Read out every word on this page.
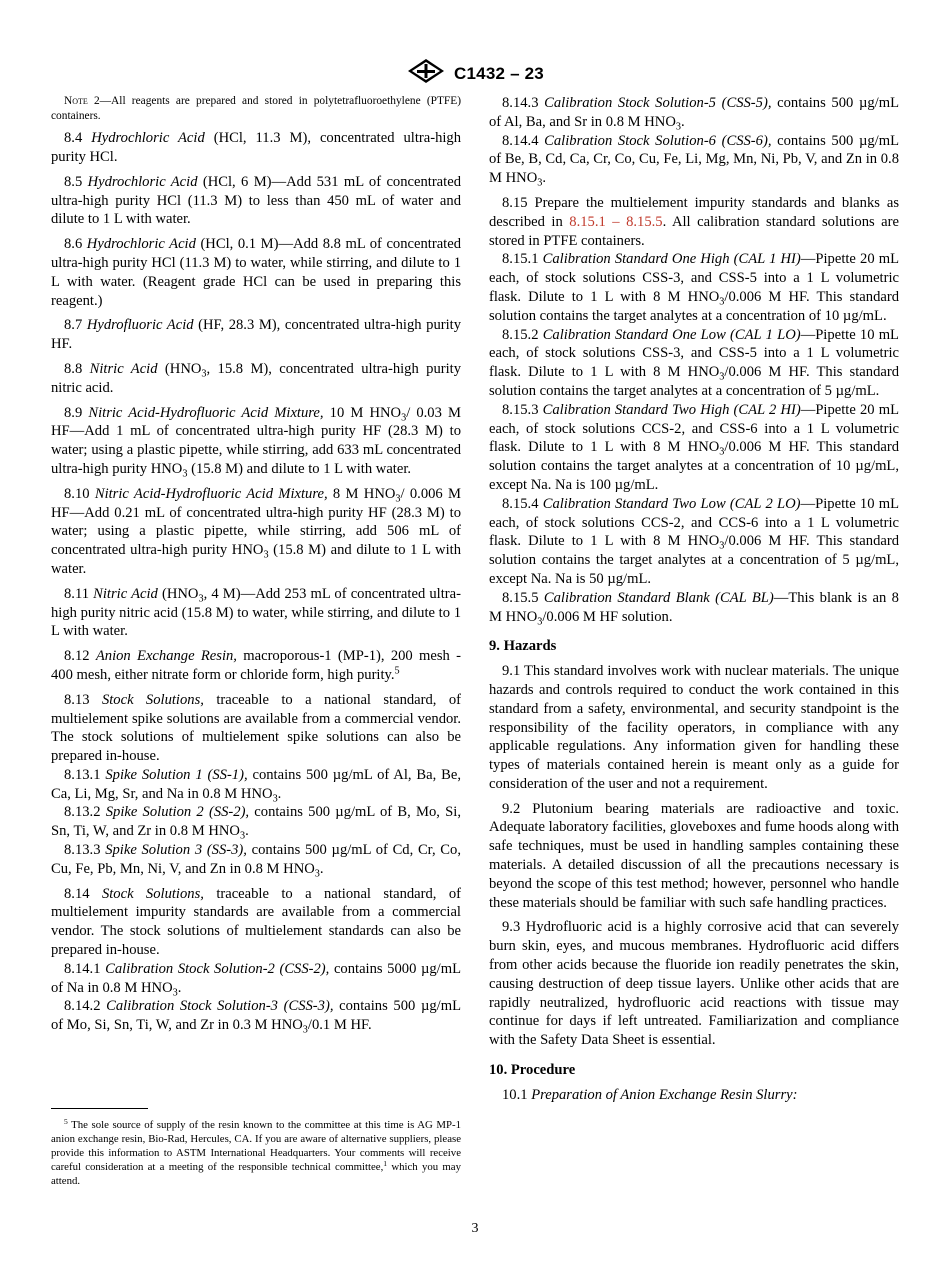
C1432 – 23

Note 2—All reagents are prepared and stored in polytetrafluoroethylene (PTFE) containers.

8.4 Hydrochloric Acid (HCl, 11.3 M), concentrated ultra-high purity HCl.

8.5 Hydrochloric Acid (HCl, 6 M)—Add 531 mL of concentrated ultra-high purity HCl (11.3 M) to less than 450 mL of water and dilute to 1 L with water.

8.6 Hydrochloric Acid (HCl, 0.1 M)—Add 8.8 mL of concentrated ultra-high purity HCl (11.3 M) to water, while stirring, and dilute to 1 L with water. (Reagent grade HCl can be used in preparing this reagent.)

8.7 Hydrofluoric Acid (HF, 28.3 M), concentrated ultra-high purity HF.

8.8 Nitric Acid ($HNO_3$, 15.8 M), concentrated ultra-high purity nitric acid.

8.9 Nitric Acid-Hydrofluoric Acid Mixture, 10 M $HNO_3/$ 0.03 M HF—Add 1 mL of concentrated ultra-high purity HF (28.3 M) to water; using a plastic pipette, while stirring, add 633 mL concentrated ultra-high purity $HNO_3$ (15.8 M) and dilute to 1 L with water.

8.10 Nitric Acid-Hydrofluoric Acid Mixture, 8 M $HNO_3/$ 0.006 M HF—Add 0.21 mL of concentrated ultra-high purity HF (28.3 M) to water; using a plastic pipette, while stirring, add 506 mL of concentrated ultra-high purity $HNO_3$ (15.8 M) and dilute to 1 L with water.

8.11 Nitric Acid ($HNO_3$, 4 M)—Add 253 mL of concentrated ultra-high purity nitric acid (15.8 M) to water, while stirring, and dilute to 1 L with water.

8.12 Anion Exchange Resin, macroporous-1 (MP-1), 200 mesh - 400 mesh, either nitrate form or chloride form, high purity.$^5$

8.13 Stock Solutions, traceable to a national standard, of multielement spike solutions are available from a commercial vendor. The stock solutions of multielement spike solutions can also be prepared in-house.

8.13.1 Spike Solution 1 (SS-1), contains 500 µg/mL of Al, Ba, Be, Ca, Li, Mg, Sr, and Na in 0.8 M $HNO_3$.

8.13.2 Spike Solution 2 (SS-2), contains 500 µg/mL of B, Mo, Si, Sn, Ti, W, and Zr in 0.8 M $HNO_3$.

8.13.3 Spike Solution 3 (SS-3), contains 500 µg/mL of Cd, Cr, Co, Cu, Fe, Pb, Mn, Ni, V, and Zn in 0.8 M $HNO_3$.

8.14 Stock Solutions, traceable to a national standard, of multielement impurity standards are available from a commercial vendor. The stock solutions of multielement standards can also be prepared in-house.

8.14.1 Calibration Stock Solution-2 (CSS-2), contains 5000 µg/mL of Na in 0.8 M $HNO_3$.

8.14.2 Calibration Stock Solution-3 (CSS-3), contains 500 µg/mL of Mo, Si, Sn, Ti, W, and Zr in 0.3 M $HNO_3/0.1$ M HF.

$^5$ The sole source of supply of the resin known to the committee at this time is AG MP-1 anion exchange resin, Bio-Rad, Hercules, CA. If you are aware of alternative suppliers, please provide this information to ASTM International Headquarters. Your comments will receive careful consideration at a meeting of the responsible technical committee,$^1$ which you may attend.

8.14.3 Calibration Stock Solution-5 (CSS-5), contains 500 µg/mL of Al, Ba, and Sr in 0.8 M $HNO_3$.

8.14.4 Calibration Stock Solution-6 (CSS-6), contains 500 µg/mL of Be, B, Cd, Ca, Cr, Co, Cu, Fe, Li, Mg, Mn, Ni, Pb, V, and Zn in 0.8 M $HNO_3$.

8.15 Prepare the multielement impurity standards and blanks as described in 8.15.1 – 8.15.5. All calibration standard solutions are stored in PTFE containers.

8.15.1 Calibration Standard One High (CAL 1 HI)—Pipette 20 mL each, of stock solutions CSS-3, and CSS-5 into a 1 L volumetric flask. Dilute to 1 L with 8 M $HNO_3/0.006$ M HF. This standard solution contains the target analytes at a concentration of 10 µg/mL.

8.15.2 Calibration Standard One Low (CAL 1 LO)—Pipette 10 mL each, of stock solutions CSS-3, and CSS-5 into a 1 L volumetric flask. Dilute to 1 L with 8 M $HNO_3/0.006$ M HF. This standard solution contains the target analytes at a concentration of 5 µg/mL.

8.15.3 Calibration Standard Two High (CAL 2 HI)—Pipette 20 mL each, of stock solutions CCS-2, and CSS-6 into a 1 L volumetric flask. Dilute to 1 L with 8 M $HNO_3/0.006$ M HF. This standard solution contains the target analytes at a concentration of 10 µg/mL, except Na. Na is 100 µg/mL.

8.15.4 Calibration Standard Two Low (CAL 2 LO)—Pipette 10 mL each, of stock solutions CCS-2, and CCS-6 into a 1 L volumetric flask. Dilute to 1 L with 8 M $HNO_3/0.006$ M HF. This standard solution contains the target analytes at a concentration of 5 µg/mL, except Na. Na is 50 µg/mL.

8.15.5 Calibration Standard Blank (CAL BL)—This blank is an 8 M $HNO_3/0.006$ M HF solution.

9. Hazards

9.1 This standard involves work with nuclear materials. The unique hazards and controls required to conduct the work contained in this standard from a safety, environmental, and security standpoint is the responsibility of the facility operators, in compliance with any applicable regulations. Any information given for handling these types of materials contained herein is meant only as a guide for consideration of the user and not a requirement.

9.2 Plutonium bearing materials are radioactive and toxic. Adequate laboratory facilities, gloveboxes and fume hoods along with safe techniques, must be used in handling samples containing these materials. A detailed discussion of all the precautions necessary is beyond the scope of this test method; however, personnel who handle these materials should be familiar with such safe handling practices.

9.3 Hydrofluoric acid is a highly corrosive acid that can severely burn skin, eyes, and mucous membranes. Hydrofluoric acid differs from other acids because the fluoride ion readily penetrates the skin, causing destruction of deep tissue layers. Unlike other acids that are rapidly neutralized, hydrofluoric acid reactions with tissue may continue for days if left untreated. Familiarization and compliance with the Safety Data Sheet is essential.

10. Procedure

10.1 Preparation of Anion Exchange Resin Slurry:

3
